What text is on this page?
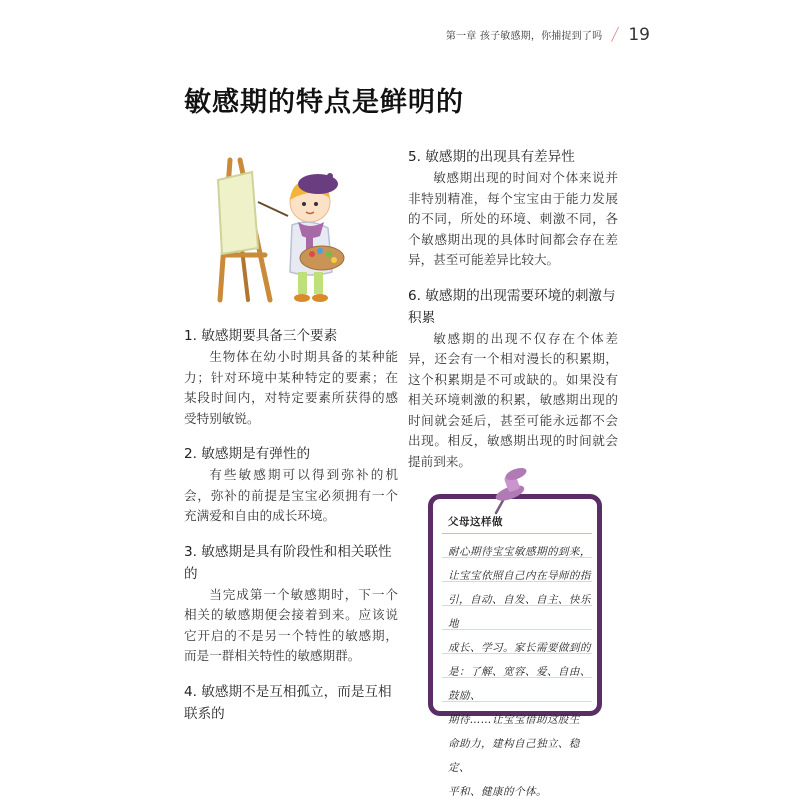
第一章 孩子敏感期，你捕捉到了吗 / 19
敏感期的特点是鲜明的
1. 敏感期要具备三个要素

生物体在幼小时期具备的某种能力；针对环境中某种特定的要素；在某段时间内，对特定要素所获得的感受特别敏锐。

2. 敏感期是有弹性的

有些敏感期可以得到弥补的机会，弥补的前提是宝宝必须拥有一个充满爱和自由的成长环境。

3. 敏感期是具有阶段性和相关联性的

当完成第一个敏感期时，下一个相关的敏感期便会接着到来。应该说它开启的不是另一个特性的敏感期，而是一群相关特性的敏感期群。

4. 敏感期不是互相孤立，而是互相联系的
5. 敏感期的出现具有差异性

敏感期出现的时间对个体来说并非特别精准，每个宝宝由于能力发展的不同，所处的环境、刺激不同，各个敏感期出现的具体时间都会存在差异，甚至可能差异比较大。

6. 敏感期的出现需要环境的刺激与积累

敏感期的出现不仅存在个体差异，还会有一个相对漫长的积累期，这个积累期是不可或缺的。如果没有相关环境刺激的积累，敏感期出现的时间就会延后，甚至可能永远都不会出现。相反，敏感期出现的时间就会提前到来。

父母这样做
耐心期待宝宝敏感期的到来，
让宝宝依照自己内在导师的指
引，自动、自发、自主、快乐地
成长、学习。家长需要做到的
是：了解、宽容、爱、自由、鼓励、
期待……让宝宝借助这股生
命助力，建构自己独立、稳定、
平和、健康的个体。
